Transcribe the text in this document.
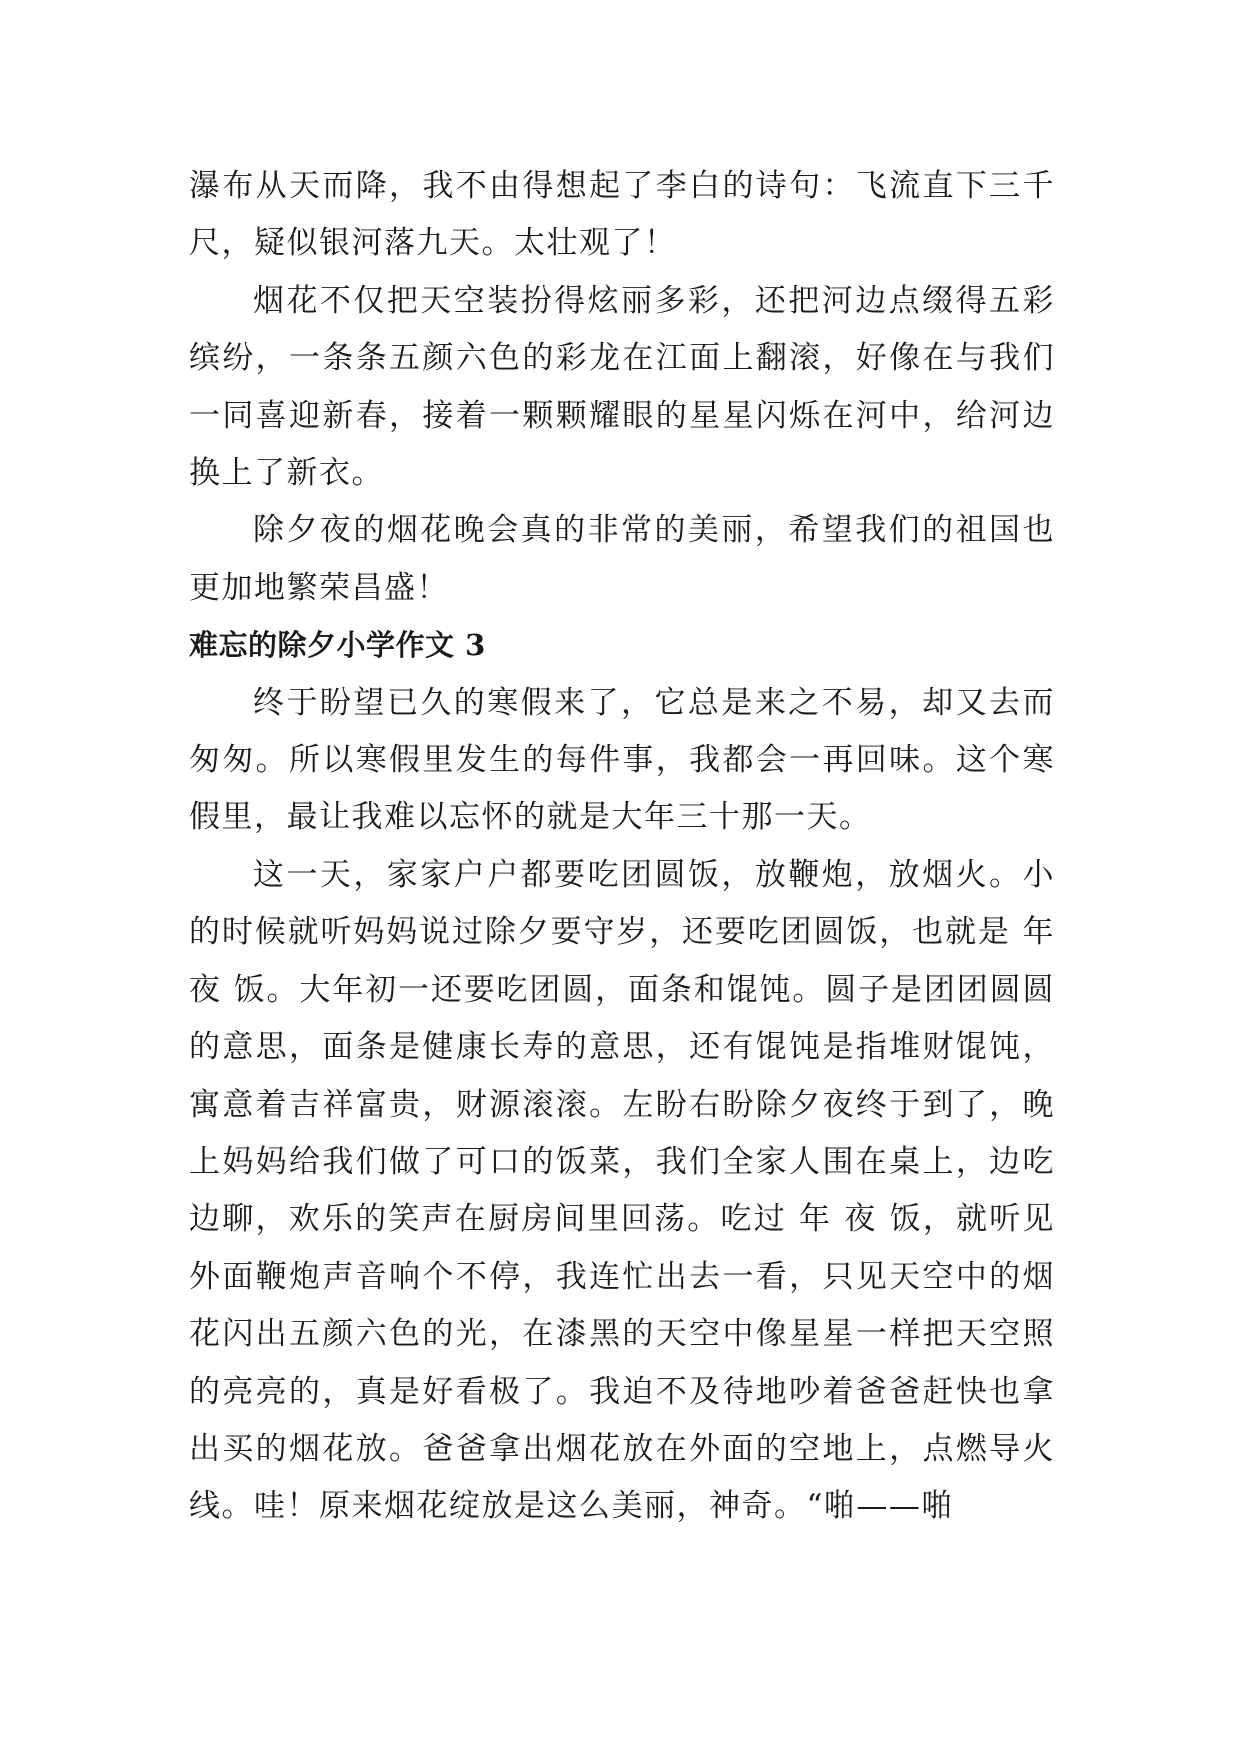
瀑布从天而降，我不由得想起了李白的诗句：飞流直下三千尺，疑似银河落九天。太壮观了！

烟花不仅把天空装扮得炫丽多彩，还把河边点缀得五彩缤纷，一条条五颜六色的彩龙在江面上翻滚，好像在与我们一同喜迎新春，接着一颗颗耀眼的星星闪烁在河中，给河边换上了新衣。

除夕夜的烟花晚会真的非常的美丽，希望我们的祖国也更加地繁荣昌盛！

难忘的除夕小学作文 3

终于盼望已久的寒假来了，它总是来之不易，却又去而匆匆。所以寒假里发生的每件事，我都会一再回味。这个寒假里，最让我难以忘怀的就是大年三十那一天。

这一天，家家户户都要吃团圆饭，放鞭炮，放烟火。小的时候就听妈妈说过除夕要守岁，还要吃团圆饭，也就是 年 夜 饭。大年初一还要吃团圆，面条和馄饨。圆子是团团圆圆的意思，面条是健康长寿的意思，还有馄饨是指堆财馄饨，寓意着吉祥富贵，财源滚滚。左盼右盼除夕夜终于到了，晚上妈妈给我们做了可口的饭菜，我们全家人围在桌上，边吃边聊，欢乐的笑声在厨房间里回荡。吃过 年 夜 饭，就听见外面鞭炮声音响个不停，我连忙出去一看，只见天空中的烟花闪出五颜六色的光，在漆黑的天空中像星星一样把天空照的亮亮的，真是好看极了。我迫不及待地吵着爸爸赶快也拿出买的烟花放。爸爸拿出烟花放在外面的空地上，点燃导火线。哇！原来烟花绽放是这么美丽，神奇。“啪——啪
